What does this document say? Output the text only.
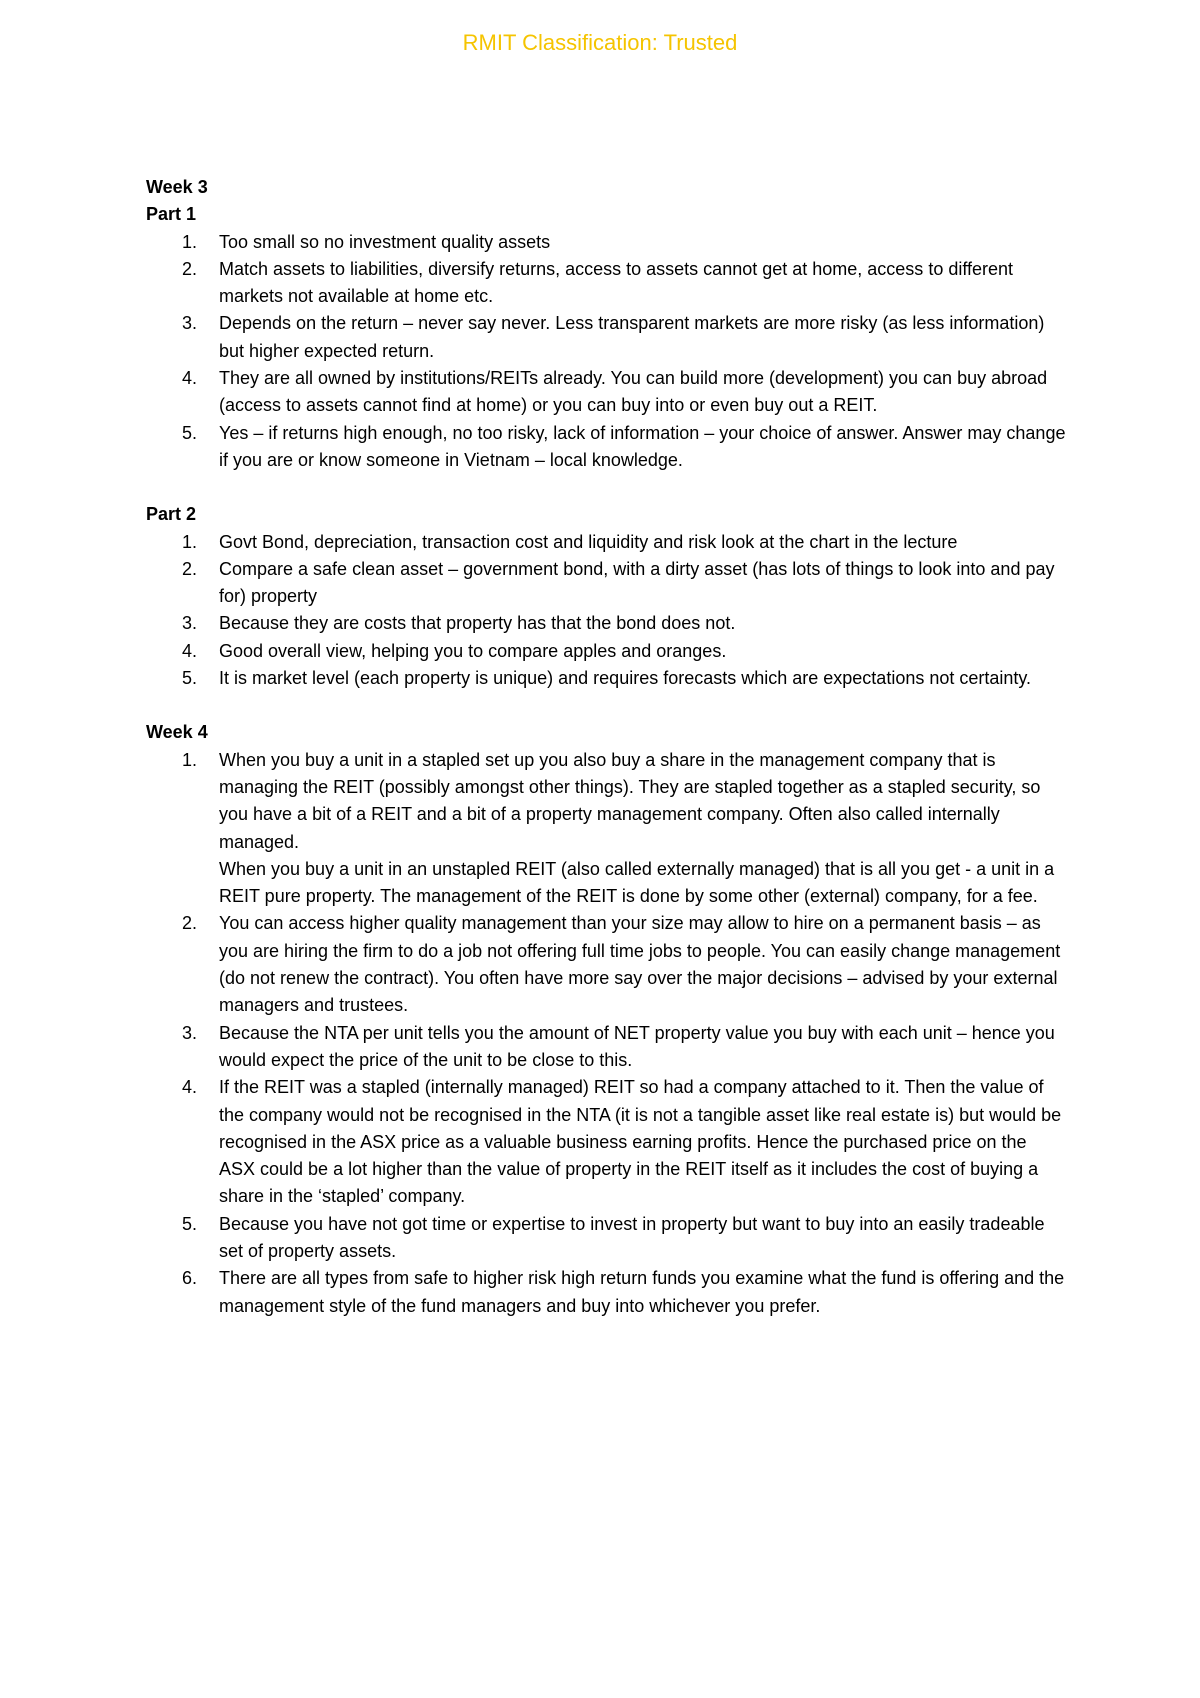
RMIT Classification: Trusted

Week 3

Part 1

1. Too small so no investment quality assets
2. Match assets to liabilities, diversify returns, access to assets cannot get at home, access to different markets not available at home etc.
3. Depends on the return – never say never. Less transparent markets are more risky (as less information) but higher expected return.
4. They are all owned by institutions/REITs already. You can build more (development) you can buy abroad (access to assets cannot find at home) or you can buy into or even buy out a REIT.
5. Yes – if returns high enough, no too risky, lack of information – your choice of answer. Answer may change if you are or know someone in Vietnam – local knowledge.

Part 2

1. Govt Bond, depreciation, transaction cost and liquidity and risk look at the chart in the lecture
2. Compare a safe clean asset – government bond, with a dirty asset (has lots of things to look into and pay for) property
3. Because they are costs that property has that the bond does not.
4. Good overall view, helping you to compare apples and oranges.
5. It is market level (each property is unique) and requires forecasts which are expectations not certainty.

Week 4

1. When you buy a unit in a stapled set up you also buy a share in the management company that is managing the REIT (possibly amongst other things). They are stapled together as a stapled security, so you have a bit of a REIT and a bit of a property management company. Often also called internally managed.
When you buy a unit in an unstapled REIT (also called externally managed) that is all you get - a unit in a REIT pure property. The management of the REIT is done by some other (external) company, for a fee.
2. You can access higher quality management than your size may allow to hire on a permanent basis – as you are hiring the firm to do a job not offering full time jobs to people. You can easily change management (do not renew the contract). You often have more say over the major decisions – advised by your external managers and trustees.
3. Because the NTA per unit tells you the amount of NET property value you buy with each unit – hence you would expect the price of the unit to be close to this.
4. If the REIT was a stapled (internally managed) REIT so had a company attached to it. Then the value of the company would not be recognised in the NTA (it is not a tangible asset like real estate is) but would be recognised in the ASX price as a valuable business earning profits. Hence the purchased price on the ASX could be a lot higher than the value of property in the REIT itself as it includes the cost of buying a share in the ‘stapled’ company.
5. Because you have not got time or expertise to invest in property but want to buy into an easily tradeable set of property assets.
6. There are all types from safe to higher risk high return funds you examine what the fund is offering and the management style of the fund managers and buy into whichever you prefer.
